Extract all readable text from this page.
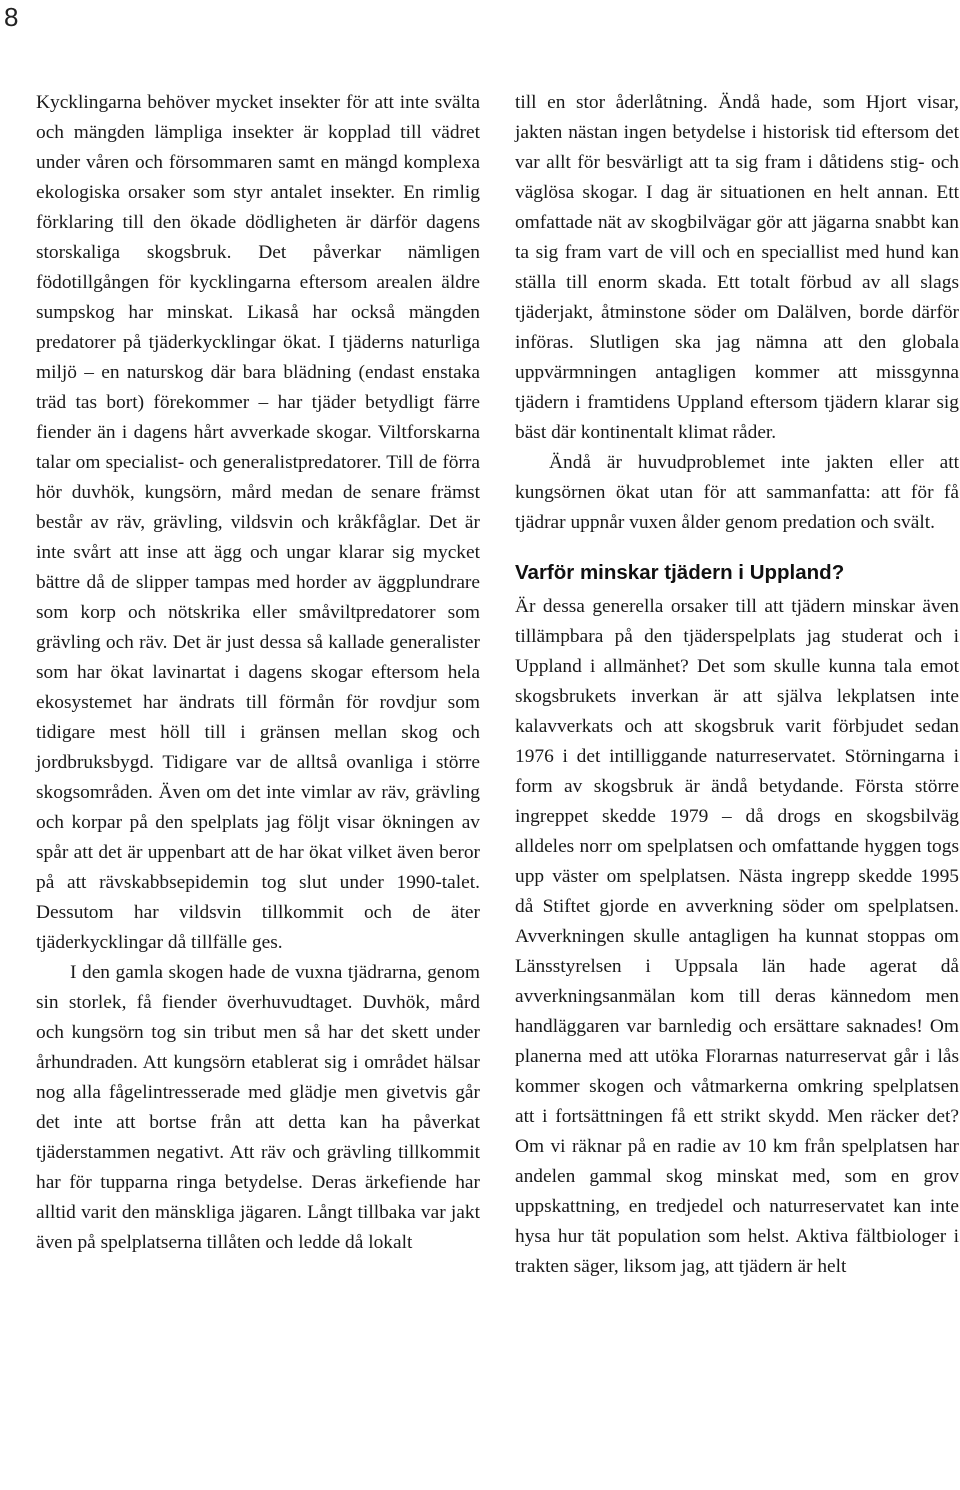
8

Kycklingarna behöver mycket insekter för att inte svälta och mängden lämpliga insekter är kopplad till vädret under våren och försommaren samt en mängd komplexa ekologiska orsaker som styr antalet insekter. En rimlig förklaring till den ökade dödligheten är därför dagens storskaliga skogsbruk. Det påverkar nämligen födotillgången för kycklingarna eftersom arealen äldre sumpskog har minskat. Likaså har också mängden predatorer på tjäderkycklingar ökat. I tjäderns naturliga miljö – en naturskog där bara blädning (endast enstaka träd tas bort) förekommer – har tjäder betydligt färre fiender än i dagens hårt avverkade skogar. Viltforskarna talar om specialist- och generalistpredatorer. Till de förra hör duvhök, kungsörn, mård medan de senare främst består av räv, grävling, vildsvin och kråkfåglar. Det är inte svårt att inse att ägg och ungar klarar sig mycket bättre då de slipper tampas med horder av äggplundrare som korp och nötskrika eller småviltpredatorer som grävling och räv. Det är just dessa så kallade generalister som har ökat lavinartat i dagens skogar eftersom hela ekosystemet har ändrats till förmån för rovdjur som tidigare mest höll till i gränsen mellan skog och jordbruksbygd. Tidigare var de alltså ovanliga i större skogsområden. Även om det inte vimlar av räv, grävling och korpar på den spelplats jag följt visar ökningen av spår att det är uppenbart att de har ökat vilket även beror på att rävskabbsepidemin tog slut under 1990-talet. Dessutom har vildsvin tillkommit och de äter tjäderkycklingar då tillfälle ges.

I den gamla skogen hade de vuxna tjädrarna, genom sin storlek, få fiender överhuvudtaget. Duvhök, mård och kungsörn tog sin tribut men så har det skett under århundraden. Att kungsörn etablerat sig i området hälsar nog alla fågelintresserade med glädje men givetvis går det inte att bortse från att detta kan ha påverkat tjäderstammen negativt. Att räv och grävling tillkommit har för tupparna ringa betydelse. Deras ärkefiende har alltid varit den mänskliga jägaren. Långt tillbaka var jakt även på spelplatserna tillåten och ledde då lokalt

till en stor åderlåtning. Ändå hade, som Hjort visar, jakten nästan ingen betydelse i historisk tid eftersom det var allt för besvärligt att ta sig fram i dåtidens stig- och väglösa skogar. I dag är situationen en helt annan. Ett omfattade nät av skogbilvägar gör att jägarna snabbt kan ta sig fram vart de vill och en speciallist med hund kan ställa till enorm skada. Ett totalt förbud av all slags tjäderjakt, åtminstone söder om Dalälven, borde därför införas. Slutligen ska jag nämna att den globala uppvärmningen antagligen kommer att missgynna tjädern i framtidens Uppland eftersom tjädern klarar sig bäst där kontinentalt klimat råder.

Ändå är huvudproblemet inte jakten eller att kungsörnen ökat utan för att sammanfatta: att för få tjädrar uppnår vuxen ålder genom predation och svält.

Varför minskar tjädern i Uppland?

Är dessa generella orsaker till att tjädern minskar även tillämpbara på den tjäderspelplats jag studerat och i Uppland i allmänhet? Det som skulle kunna tala emot skogsbrukets inverkan är att själva lekplatsen inte kalavverkats och att skogsbruk varit förbjudet sedan 1976 i det intilliggande naturreservatet. Störningarna i form av skogsbruk är ändå betydande. Första större ingreppet skedde 1979 – då drogs en skogsbilväg alldeles norr om spelplatsen och omfattande hyggen togs upp väster om spelplatsen. Nästa ingrepp skedde 1995 då Stiftet gjorde en avverkning söder om spelplatsen. Avverkningen skulle antagligen ha kunnat stoppas om Länsstyrelsen i Uppsala län hade agerat då avverkningsanmälan kom till deras kännedom men handläggaren var barnledig och ersättare saknades! Om planerna med att utöka Florarnas naturreservat går i lås kommer skogen och våtmarkerna omkring spelplatsen att i fortsättningen få ett strikt skydd. Men räcker det? Om vi räknar på en radie av 10 km från spelplatsen har andelen gammal skog minskat med, som en grov uppskattning, en tredjedel och naturreservatet kan inte hysa hur tät population som helst. Aktiva fältbiologer i trakten säger, liksom jag, att tjädern är helt
